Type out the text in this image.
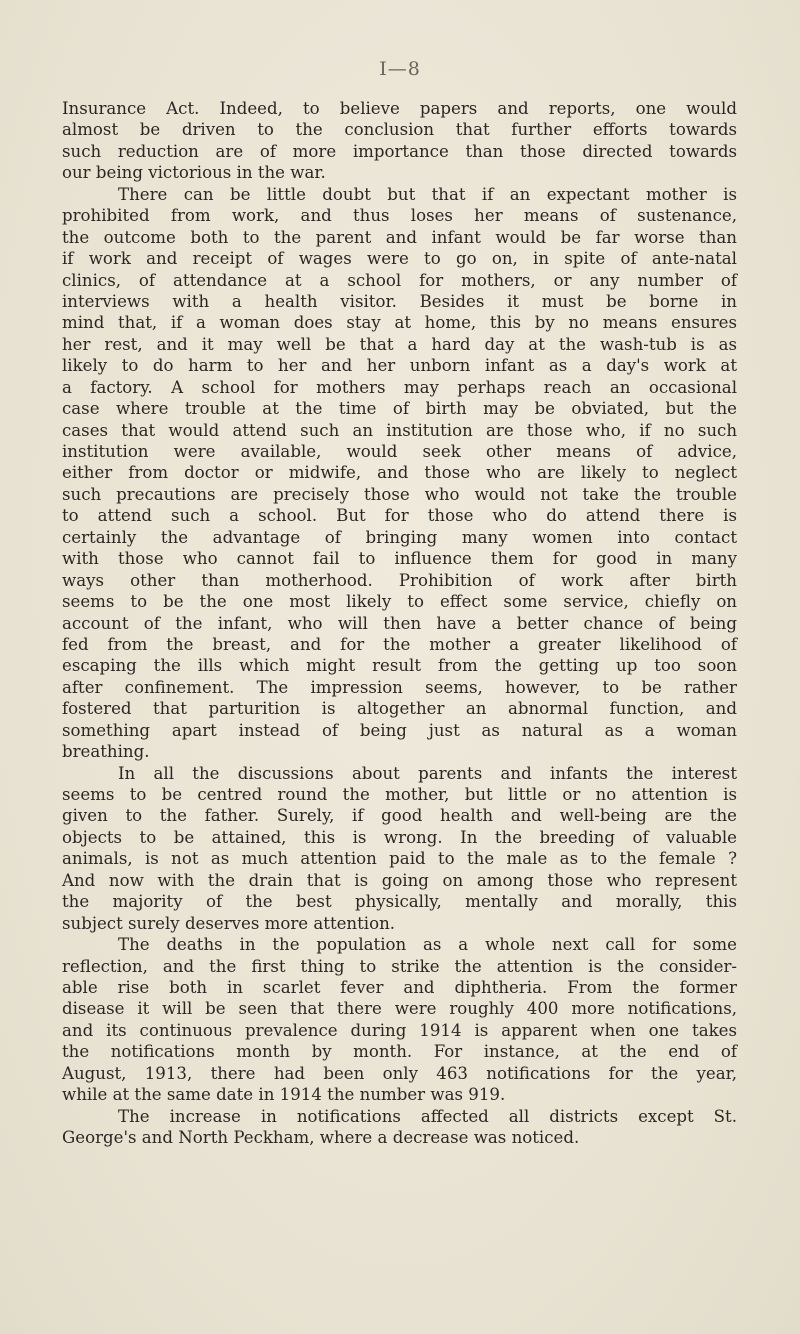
I—8
Insurance Act. Indeed, to believe papers and reports, one would
almost be driven to the conclusion that further efforts towards
such reduction are of more importance than those directed towards
our being victorious in the war.
There can be little doubt but that if an expectant mother is
prohibited from work, and thus loses her means of sustenance,
the outcome both to the parent and infant would be far worse than
if work and receipt of wages were to go on, in spite of ante-natal
clinics, of attendance at a school for mothers, or any number of
interviews with a health visitor. Besides it must be borne in
mind that, if a woman does stay at home, this by no means ensures
her rest, and it may well be that a hard day at the wash-tub is as
likely to do harm to her and her unborn infant as a day's work at
a factory. A school for mothers may perhaps reach an occasional
case where trouble at the time of birth may be obviated, but the
cases that would attend such an institution are those who, if no such
institution were available, would seek other means of advice,
either from doctor or midwife, and those who are likely to neglect
such precautions are precisely those who would not take the trouble
to attend such a school. But for those who do attend there is
certainly the advantage of bringing many women into contact
with those who cannot fail to influence them for good in many
ways other than motherhood. Prohibition of work after birth
seems to be the one most likely to effect some service, chiefly on
account of the infant, who will then have a better chance of being
fed from the breast, and for the mother a greater likelihood of
escaping the ills which might result from the getting up too soon
after confinement. The impression seems, however, to be rather
fostered that parturition is altogether an abnormal function, and
something apart instead of being just as natural as a woman
breathing.
In all the discussions about parents and infants the interest
seems to be centred round the mother, but little or no attention is
given to the father. Surely, if good health and well-being are the
objects to be attained, this is wrong. In the breeding of valuable
animals, is not as much attention paid to the male as to the female ?
And now with the drain that is going on among those who represent
the majority of the best physically, mentally and morally, this
subject surely deserves more attention.
The deaths in the population as a whole next call for some
reflection, and the first thing to strike the attention is the consider-
able rise both in scarlet fever and diphtheria. From the former
disease it will be seen that there were roughly 400 more notifications,
and its continuous prevalence during 1914 is apparent when one takes
the notifications month by month. For instance, at the end of
August, 1913, there had been only 463 notifications for the year,
while at the same date in 1914 the number was 919.
The increase in notifications affected all districts except St.
George's and North Peckham, where a decrease was noticed.
